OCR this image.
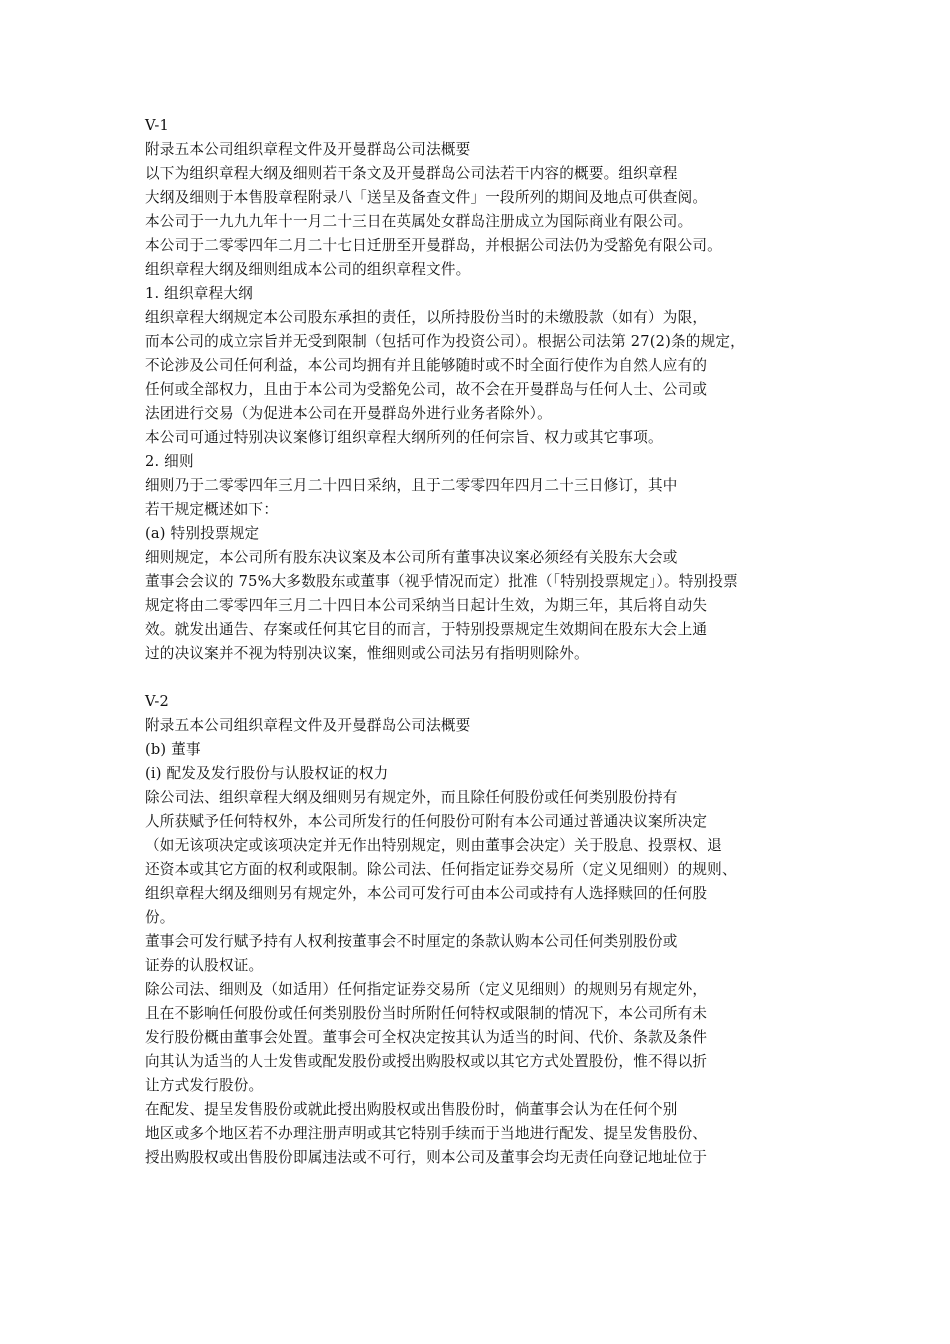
V-1
附录五本公司组织章程文件及开曼群岛公司法概要
以下为组织章程大纲及细则若干条文及开曼群岛公司法若干内容的概要。组织章程
大纲及细则于本售股章程附录八「送呈及备查文件」一段所列的期间及地点可供查阅。
本公司于一九九九年十一月二十三日在英属处女群岛注册成立为国际商业有限公司。
本公司于二零零四年二月二十七日迁册至开曼群岛，并根据公司法仍为受豁免有限公司。
组织章程大纲及细则组成本公司的组织章程文件。
1. 组织章程大纲
组织章程大纲规定本公司股东承担的责任，以所持股份当时的未缴股款（如有）为限，
而本公司的成立宗旨并无受到限制（包括可作为投资公司）。根据公司法第 27(2)条的规定，
不论涉及公司任何利益，本公司均拥有并且能够随时或不时全面行使作为自然人应有的
任何或全部权力，且由于本公司为受豁免公司，故不会在开曼群岛与任何人士、公司或
法团进行交易（为促进本公司在开曼群岛外进行业务者除外）。
本公司可通过特别决议案修订组织章程大纲所列的任何宗旨、权力或其它事项。
2. 细则
细则乃于二零零四年三月二十四日采纳，且于二零零四年四月二十三日修订，其中
若干规定概述如下：
(a) 特别投票规定
细则规定，本公司所有股东决议案及本公司所有董事决议案必须经有关股东大会或
董事会会议的 75%大多数股东或董事（视乎情况而定）批准（「特别投票规定」）。特别投票
规定将由二零零四年三月二十四日本公司采纳当日起计生效，为期三年，其后将自动失
效。就发出通告、存案或任何其它目的而言，于特别投票规定生效期间在股东大会上通
过的决议案并不视为特别决议案，惟细则或公司法另有指明则除外。
V-2
附录五本公司组织章程文件及开曼群岛公司法概要
(b) 董事
(i) 配发及发行股份与认股权证的权力
除公司法、组织章程大纲及细则另有规定外，而且除任何股份或任何类别股份持有
人所获赋予任何特权外，本公司所发行的任何股份可附有本公司通过普通决议案所决定
（如无该项决定或该项决定并无作出特别规定，则由董事会决定）关于股息、投票权、退
还资本或其它方面的权利或限制。除公司法、任何指定证券交易所（定义见细则）的规则、
组织章程大纲及细则另有规定外，本公司可发行可由本公司或持有人选择赎回的任何股
份。
董事会可发行赋予持有人权利按董事会不时厘定的条款认购本公司任何类别股份或
证券的认股权证。
除公司法、细则及（如适用）任何指定证券交易所（定义见细则）的规则另有规定外，
且在不影响任何股份或任何类别股份当时所附任何特权或限制的情况下，本公司所有未
发行股份概由董事会处置。董事会可全权决定按其认为适当的时间、代价、条款及条件
向其认为适当的人士发售或配发股份或授出购股权或以其它方式处置股份，惟不得以折
让方式发行股份。
在配发、提呈发售股份或就此授出购股权或出售股份时，倘董事会认为在任何个别
地区或多个地区若不办理注册声明或其它特别手续而于当地进行配发、提呈发售股份、
授出购股权或出售股份即属违法或不可行，则本公司及董事会均无责任向登记地址位于
